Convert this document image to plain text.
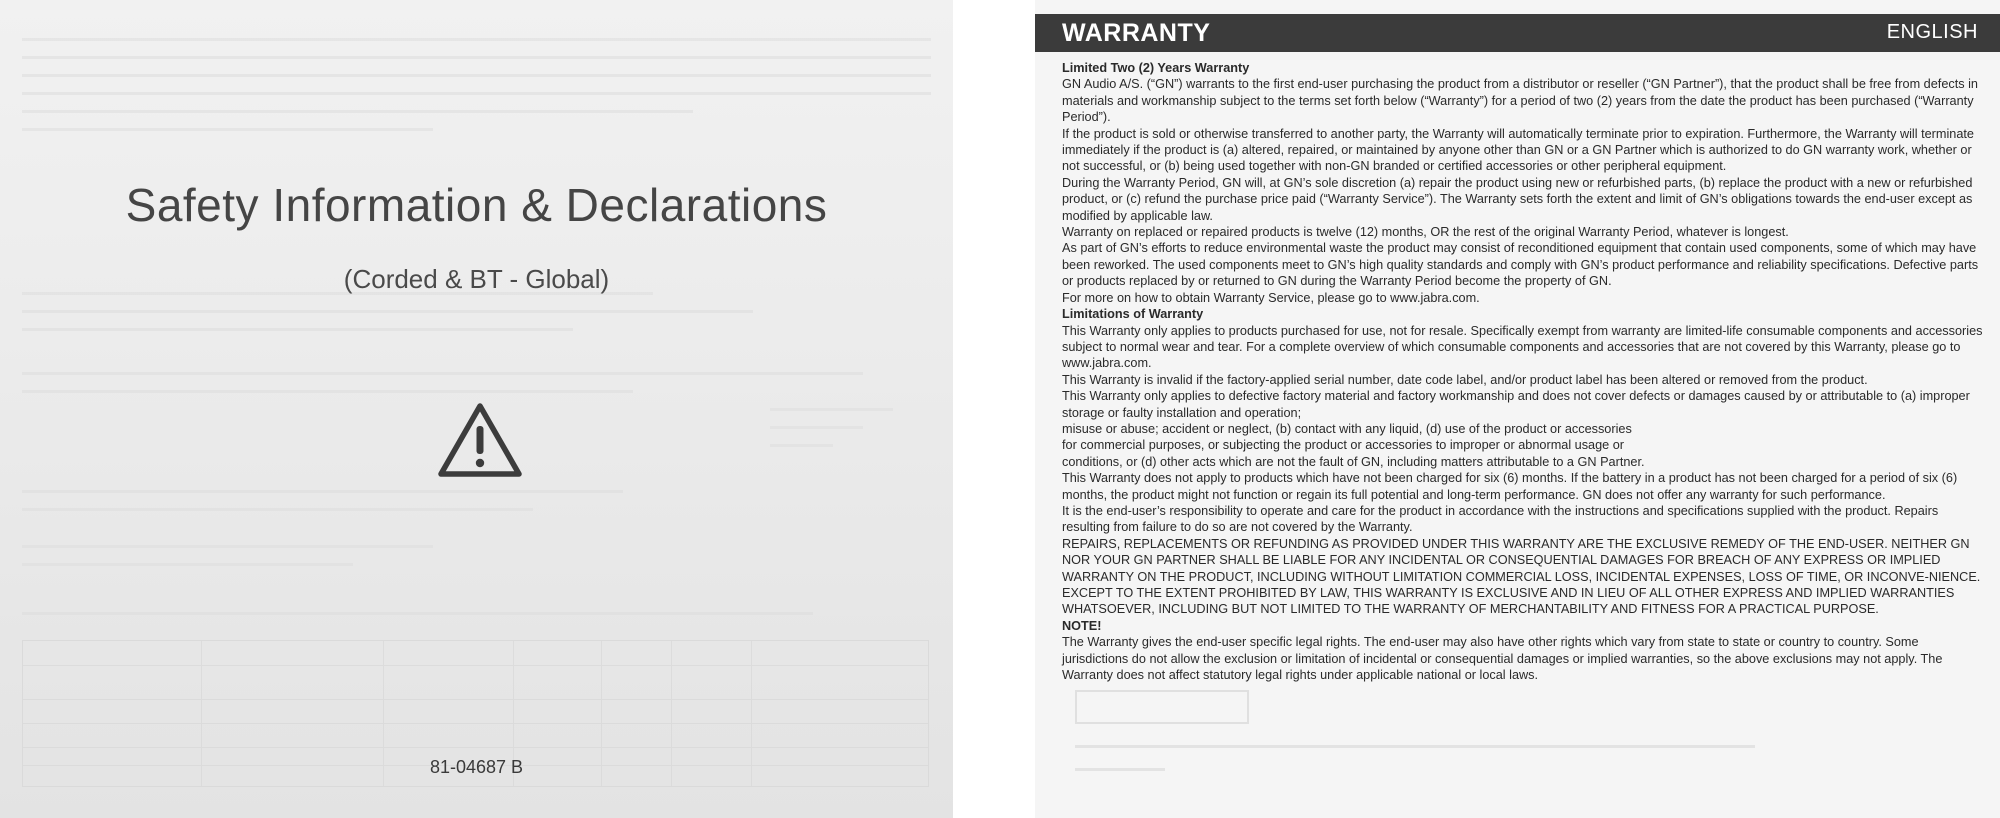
Safety Information & Declarations
(Corded & BT - Global)
81-04687 B
WARRANTY	ENGLISH

Limited Two (2) Years Warranty

GN Audio A/S. (“GN”) warrants to the first end-user purchasing the product from a distributor or reseller (“GN Partner”), that the product shall be free from defects in materials and workmanship subject to the terms set forth below (“Warranty”) for a period of two (2) years from the date the product has been purchased (“Warranty Period”).

If the product is sold or otherwise transferred to another party, the Warranty will automatically terminate prior to expiration. Furthermore, the Warranty will terminate immediately if the product is (a) altered, repaired, or maintained by anyone other than GN or a GN Partner which is authorized to do GN warranty work, whether or not successful, or (b) being used together with non-GN branded or certified accessories or other peripheral equipment.

During the Warranty Period, GN will, at GN’s sole discretion (a) repair the product using new or refurbished parts, (b) replace the product with a new or refurbished product, or (c) refund the purchase price paid (“Warranty Service”). The Warranty sets forth the extent and limit of GN’s obligations towards the end-user except as modified by applicable law.

Warranty on replaced or repaired products is twelve (12) months, OR the rest of the original Warranty Period, whatever is longest.

As part of GN’s efforts to reduce environmental waste the product may consist of reconditioned equipment that contain used components, some of which may have been reworked. The used components meet to GN’s high quality standards and comply with GN’s product performance and reliability specifications. Defective parts or products replaced by or returned to GN during the Warranty Period become the property of GN.

For more on how to obtain Warranty Service, please go to www.jabra.com.

Limitations of Warranty

This Warranty only applies to products purchased for use, not for resale. Specifically exempt from warranty are limited-life consumable components and accessories subject to normal wear and tear. For a complete overview of which consumable components and accessories that are not covered by this Warranty, please go to www.jabra.com.

This Warranty is invalid if the factory-applied serial number, date code label, and/or product label has been altered or removed from the product.

This Warranty only applies to defective factory material and factory workmanship and does not cover defects or damages caused by or attributable to (a) improper storage or faulty installation and operation;

misuse or abuse; accident or neglect, (b) contact with any liquid, (d) use of the product or accessories

for commercial purposes, or subjecting the product or accessories to improper or abnormal usage or

conditions, or (d) other acts which are not the fault of GN, including matters attributable to a GN Partner.

This Warranty does not apply to products which have not been charged for six (6) months. If the battery in a product has not been charged for a period of six (6) months, the product might not function or regain its full potential and long-term performance. GN does not offer any warranty for such performance.

It is the end-user’s responsibility to operate and care for the product in accordance with the instructions and specifications supplied with the product. Repairs resulting from failure to do so are not covered by the Warranty.

REPAIRS, REPLACEMENTS OR REFUNDING AS PROVIDED UNDER THIS WARRANTY ARE THE EXCLUSIVE REMEDY OF THE END-USER. NEITHER GN NOR YOUR GN PARTNER SHALL BE LIABLE FOR ANY INCIDENTAL OR CONSEQUENTIAL DAMAGES FOR BREACH OF ANY EXPRESS OR IMPLIED WARRANTY ON THE PRODUCT, INCLUDING WITHOUT LIMITATION COMMERCIAL LOSS, INCIDENTAL EXPENSES, LOSS OF TIME, OR INCONVE-NIENCE. EXCEPT TO THE EXTENT PROHIBITED BY LAW, THIS WARRANTY IS EXCLUSIVE AND IN LIEU OF ALL OTHER EXPRESS AND IMPLIED WARRANTIES WHATSOEVER, INCLUDING BUT NOT LIMITED TO THE WARRANTY OF MERCHANTABILITY AND FITNESS FOR A PRACTICAL PURPOSE.

NOTE!

The Warranty gives the end-user specific legal rights. The end-user may also have other rights which vary from state to state or country to country. Some jurisdictions do not allow the exclusion or limitation of incidental or consequential damages or implied warranties, so the above exclusions may not apply. The Warranty does not affect statutory legal rights under applicable national or local laws.
